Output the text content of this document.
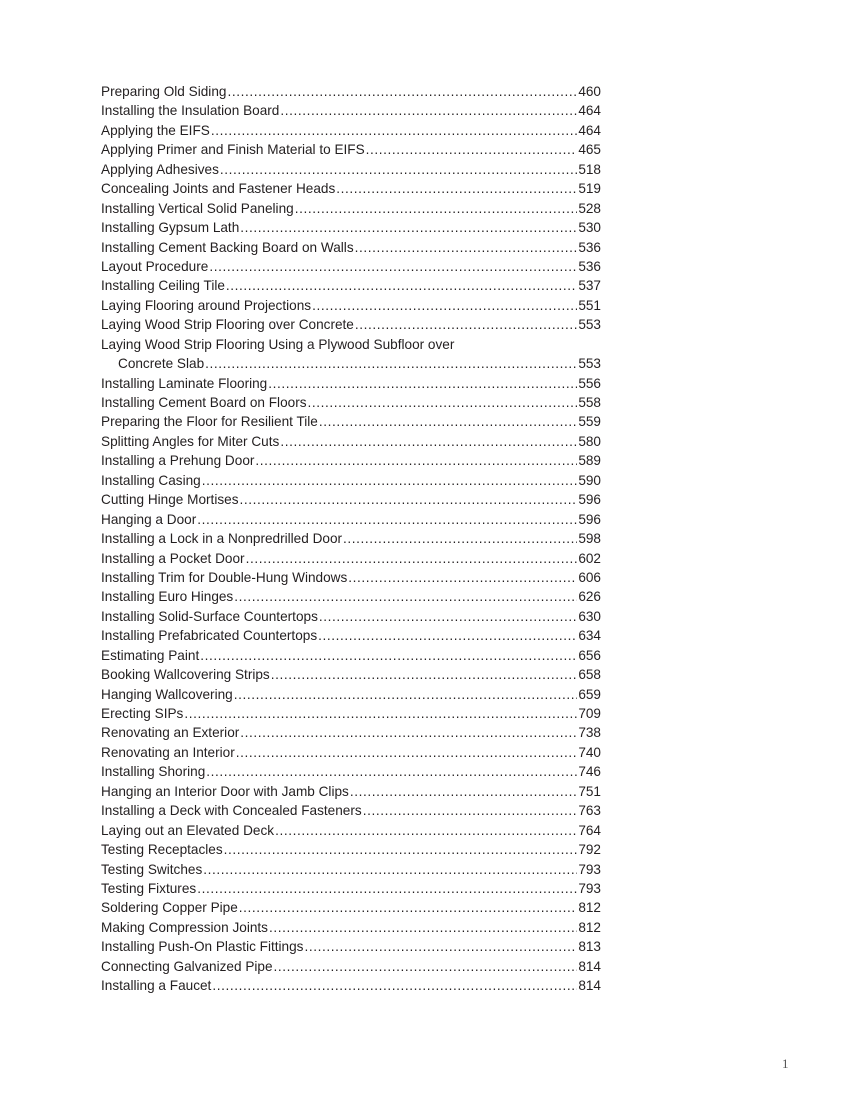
Preparing Old Siding .....	460
Installing the Insulation Board .....	464
Applying the EIFS .....	464
Applying Primer and Finish Material to EIFS .....	465
Applying Adhesives .....	518
Concealing Joints and Fastener Heads .....	519
Installing Vertical Solid Paneling .....	528
Installing Gypsum Lath .....	530
Installing Cement Backing Board on Walls .....	536
Layout Procedure .....	536
Installing Ceiling Tile .....	537
Laying Flooring around Projections .....	551
Laying Wood Strip Flooring over Concrete .....	553
Laying Wood Strip Flooring Using a Plywood Subfloor over
Concrete Slab .....	553
Installing Laminate Flooring .....	556
Installing Cement Board on Floors .....	558
Preparing the Floor for Resilient Tile .....	559
Splitting Angles for Miter Cuts .....	580
Installing a Prehung Door .....	589
Installing Casing .....	590
Cutting Hinge Mortises .....	596
Hanging a Door .....	596
Installing a Lock in a Nonpredrilled Door .....	598
Installing a Pocket Door .....	602
Installing Trim for Double-Hung Windows .....	606
Installing Euro Hinges .....	626
Installing Solid-Surface Countertops .....	630
Installing Prefabricated Countertops .....	634
Estimating Paint .....	656
Booking Wallcovering Strips .....	658
Hanging Wallcovering .....	659
Erecting SIPs .....	709
Renovating an Exterior .....	738
Renovating an Interior .....	740
Installing Shoring .....	746
Hanging an Interior Door with Jamb Clips .....	751
Installing a Deck with Concealed Fasteners .....	763
Laying out an Elevated Deck .....	764
Testing Receptacles .....	792
Testing Switches .....	793
Testing Fixtures .....	793
Soldering Copper Pipe .....	812
Making Compression Joints .....	812
Installing Push-On Plastic Fittings .....	813
Connecting Galvanized Pipe .....	814
Installing a Faucet .....	814
1
